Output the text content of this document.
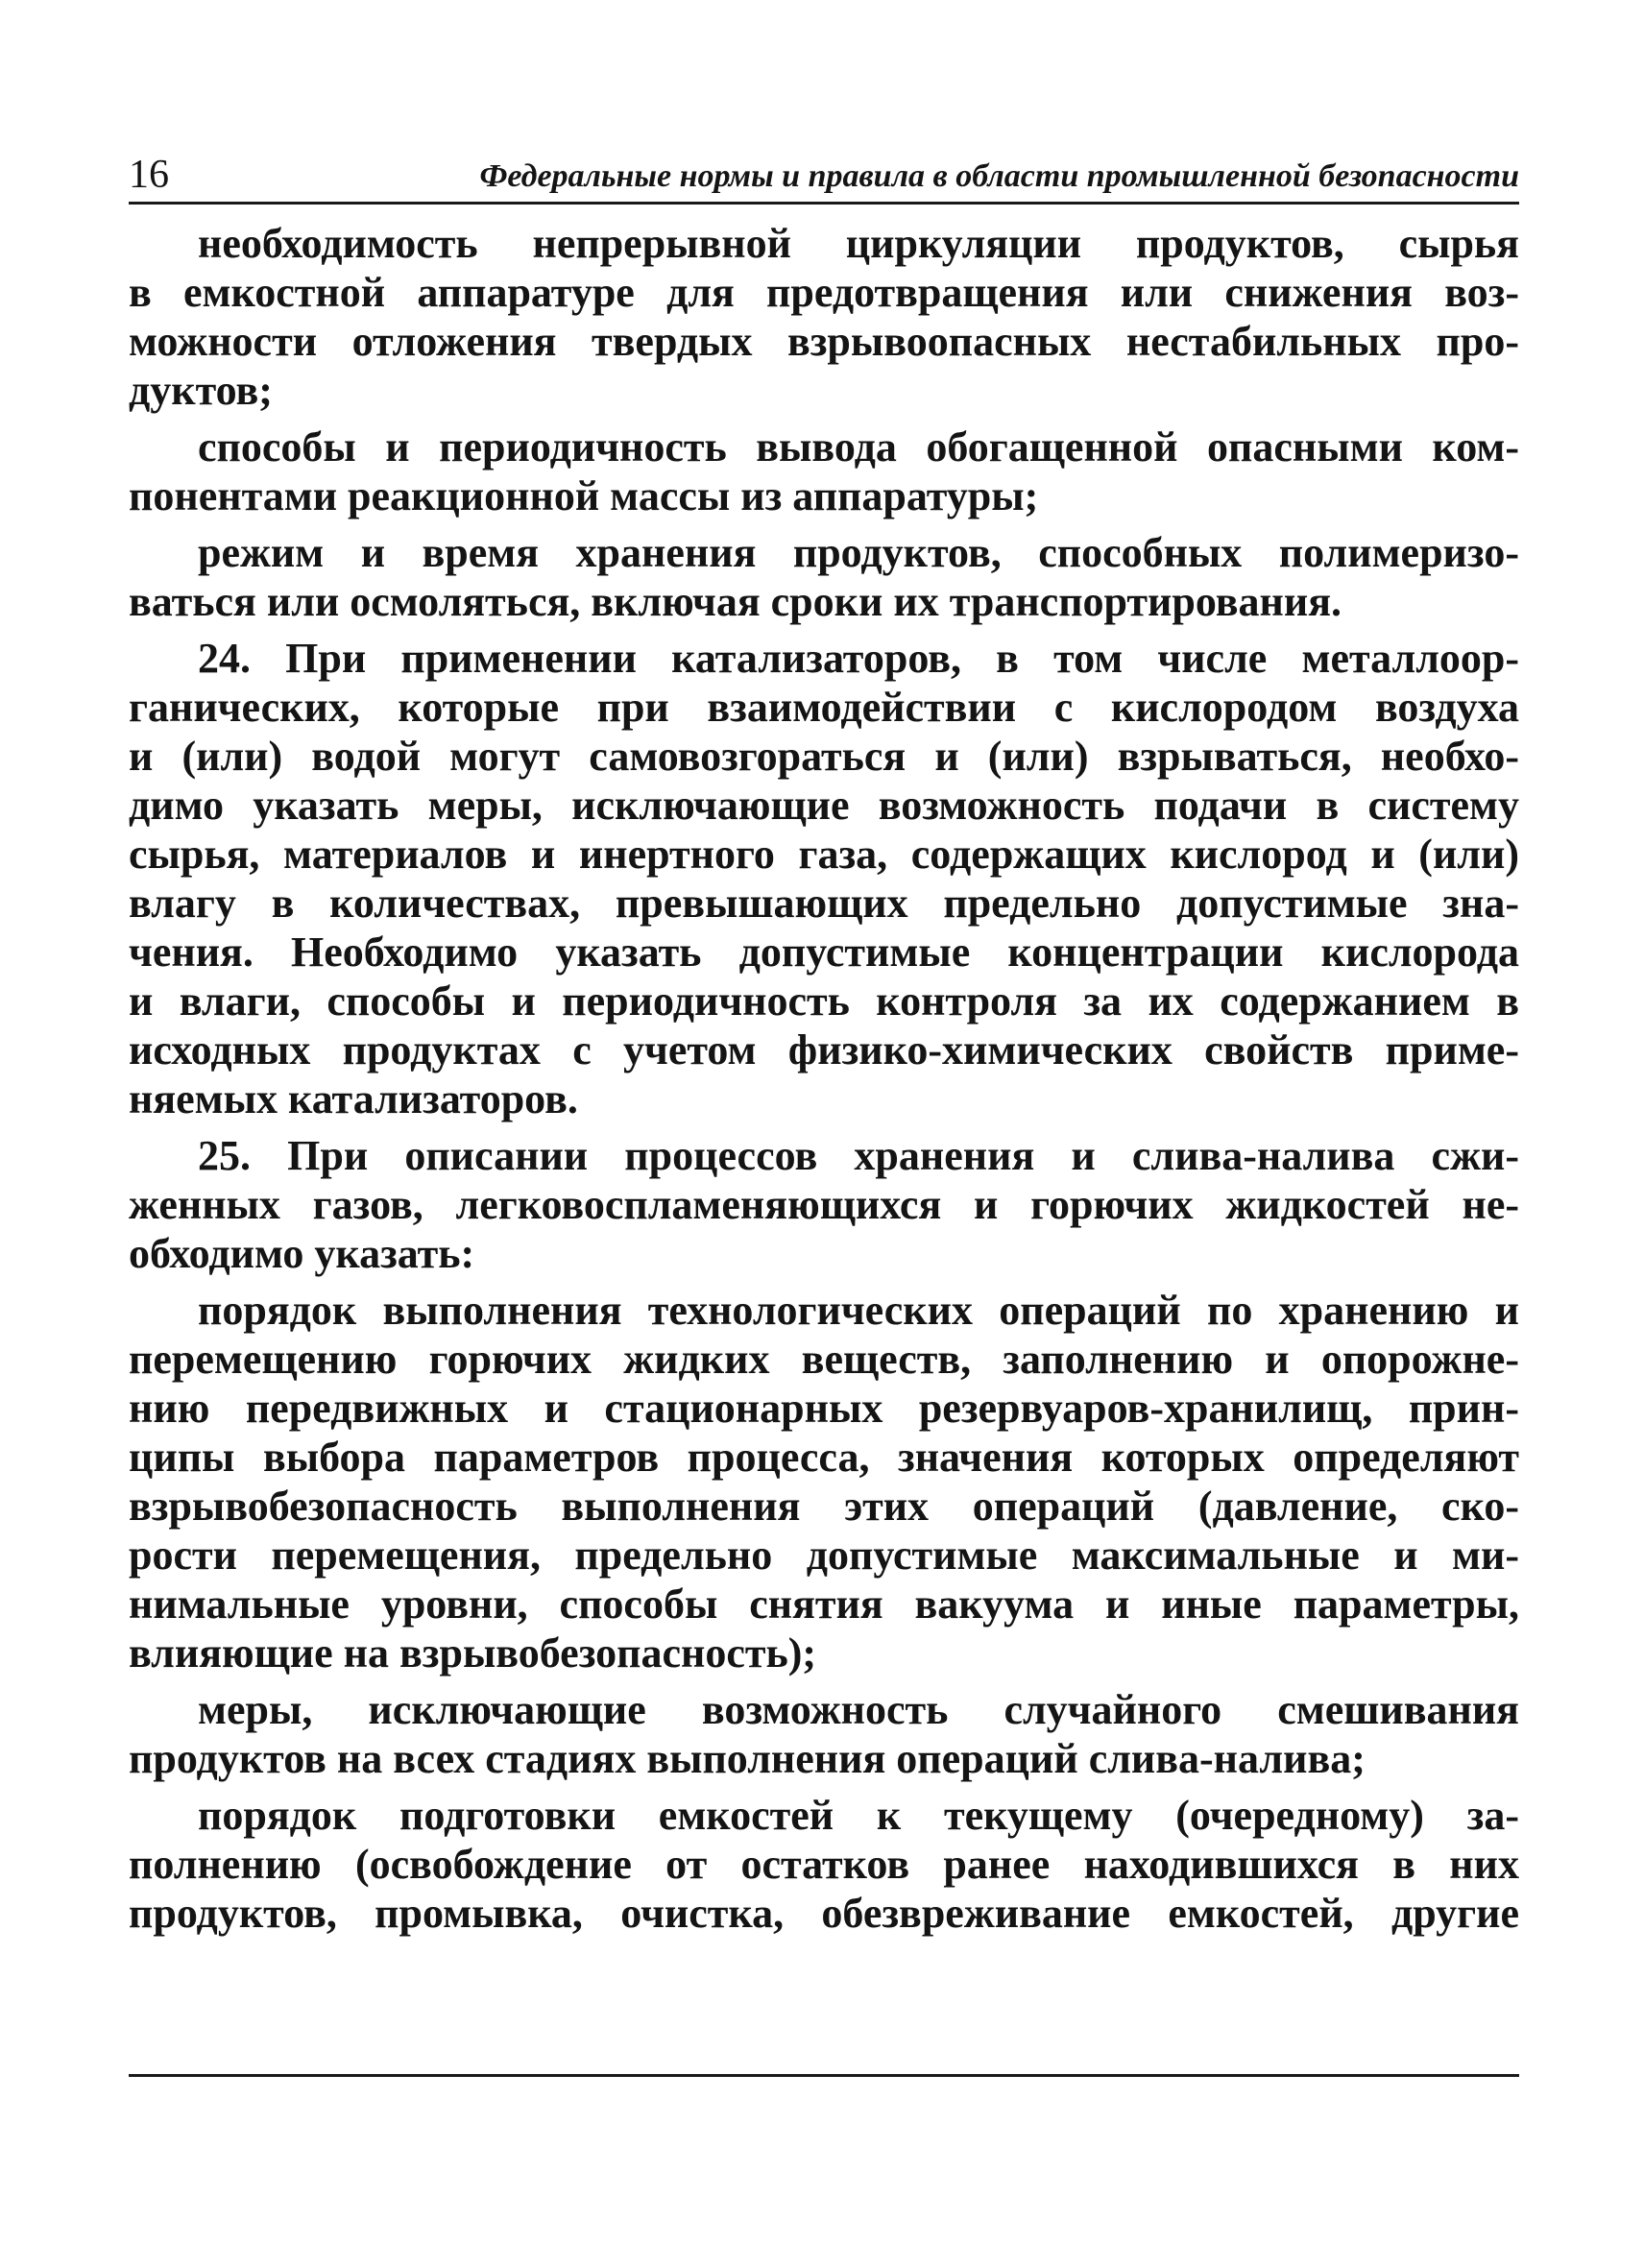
16	Федеральные нормы и правила в области промышленной безопасности
необходимость непрерывной циркуляции продуктов, сырья
в емкостной аппаратуре для предотвращения или снижения воз-
можности отложения твердых взрывоопасных нестабильных про-
дуктов;
способы и периодичность вывода обогащенной опасными ком-
понентами реакционной массы из аппаратуры;
режим и время хранения продуктов, способных полимеризо-
ваться или осмоляться, включая сроки их транспортирования.
24. При применении катализаторов, в том числе металлоор-
ганических, которые при взаимодействии с кислородом воздуха
и (или) водой могут самовозгораться и (или) взрываться, необхо-
димо указать меры, исключающие возможность подачи в систему
сырья, материалов и инертного газа, содержащих кислород и (или)
влагу в количествах, превышающих предельно допустимые зна-
чения. Необходимо указать допустимые концентрации кислорода
и влаги, способы и периодичность контроля за их содержанием в
исходных продуктах с учетом физико-химических свойств приме-
няемых катализаторов.
25. При описании процессов хранения и слива-налива сжи-
женных газов, легковоспламеняющихся и горючих жидкостей не-
обходимо указать:
порядок выполнения технологических операций по хранению и
перемещению горючих жидких веществ, заполнению и опорожне-
нию передвижных и стационарных резервуаров-хранилищ, прин-
ципы выбора параметров процесса, значения которых определяют
взрывобезопасность выполнения этих операций (давление, ско-
рости перемещения, предельно допустимые максимальные и ми-
нимальные уровни, способы снятия вакуума и иные параметры,
влияющие на взрывобезопасность);
меры, исключающие возможность случайного смешивания
продуктов на всех стадиях выполнения операций слива-налива;
порядок подготовки емкостей к текущему (очередному) за-
полнению (освобождение от остатков ранее находившихся в них
продуктов, промывка, очистка, обезвреживание емкостей, другие
